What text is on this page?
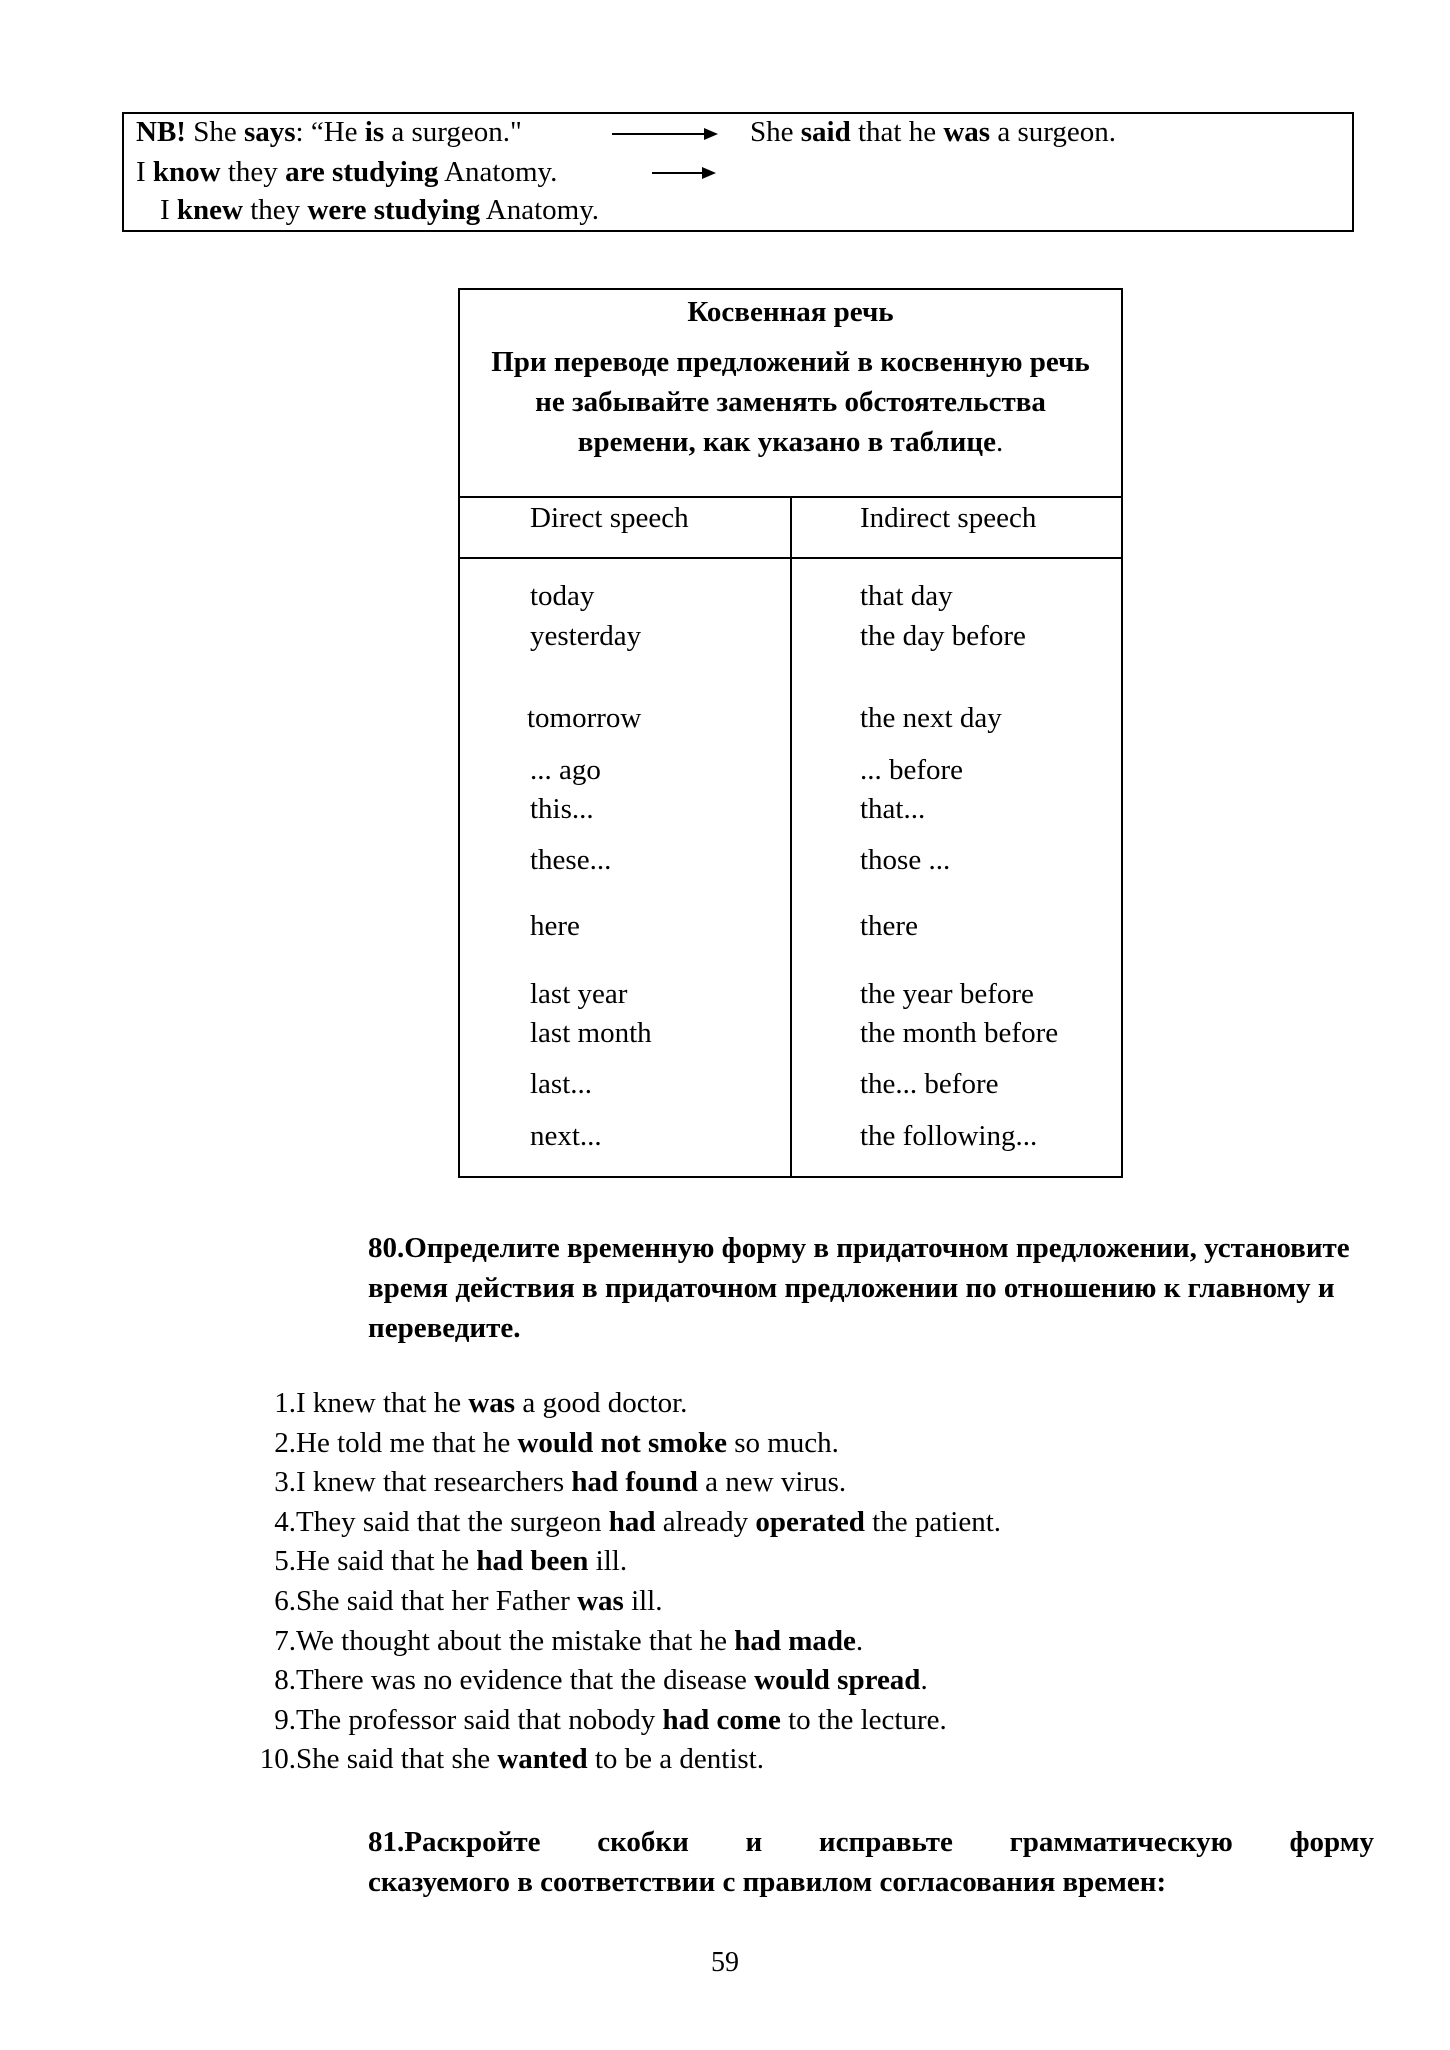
NB! She says: “He is a surgeon."	She said that he was a surgeon.
I know they are studying Anatomy.
I knew they were studying Anatomy.
Косвенная речь
При переводе предложений в косвенную речь не забывайте заменять обстоятельства времени, как указано в таблице.
Direct speech	Indirect speech
today	that day
yesterday	the day before
tomorrow	the next day
... ago	... before
this...	that...
these...	those ...
here	there
last year	the year before
last month	the month before
last...	the... before
next...	the following...
80.Определите временную форму в придаточном предложении, установите время действия в придаточном предложении по отношению к главному и переведите.
1. I knew that he was a good doctor.
2. He told me that he would not smoke so much.
3. I knew that researchers had found a new virus.
4. They said that the surgeon had already operated the patient.
5. He said that he had been ill.
6. She said that her Father was ill.
7. We thought about the mistake that he had made.
8. There was no evidence that the disease would spread.
9. The professor said that nobody had come to the lecture.
10. She said that she wanted to be a dentist.
81.Раскройте скобки и исправьте грамматическую форму
сказуемого в соответствии с правилом согласования времен:
59
